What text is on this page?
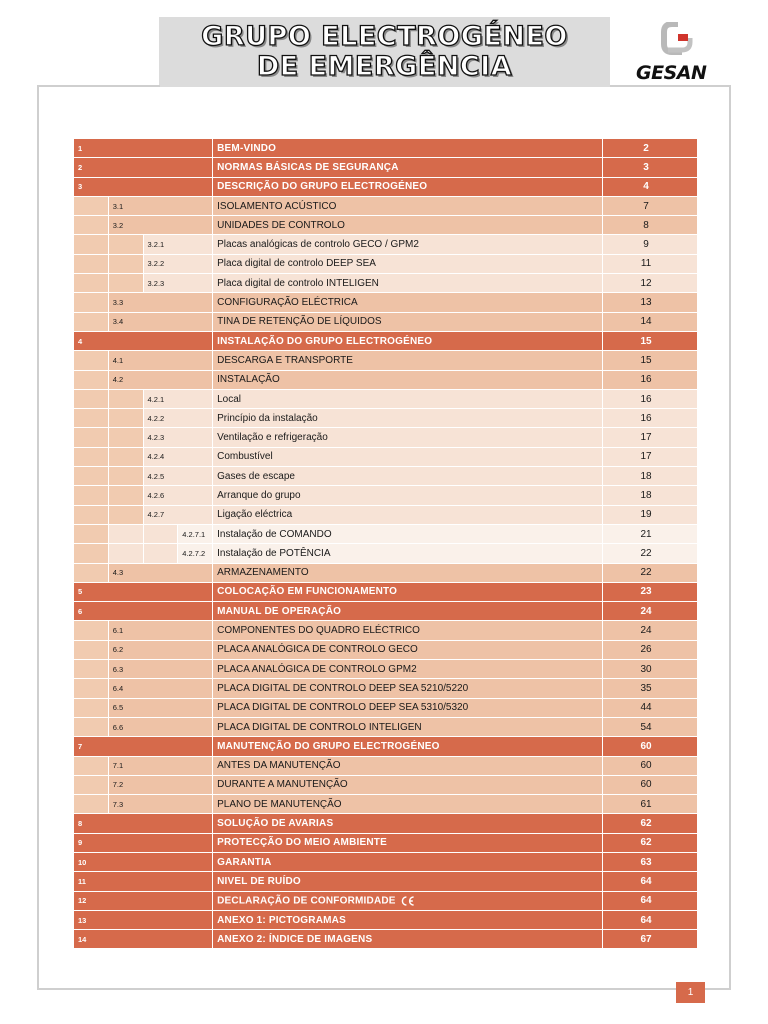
GRUPO ELECTROGÉNEO
DE EMERGÊNCIA	GESAN
1				BEM-VINDO	2
2				NORMAS BÁSICAS DE SEGURANÇA	3
3				DESCRIÇÃO DO GRUPO ELECTROGÉNEO	4
	3.1			ISOLAMENTO ACÚSTICO	7
	3.2			UNIDADES DE CONTROLO	8
		3.2.1		Placas analógicas de controlo GECO / GPM2	9
		3.2.2		Placa digital de controlo DEEP SEA	11
		3.2.3		Placa digital de controlo INTELIGEN	12
	3.3			CONFIGURAÇÃO ELÉCTRICA	13
	3.4			TINA DE RETENÇÃO DE LÍQUIDOS	14
4				INSTALAÇÃO DO GRUPO ELECTROGÉNEO	15
	4.1			DESCARGA E TRANSPORTE	15
	4.2			INSTALAÇÃO	16
		4.2.1		Local	16
		4.2.2		Princípio da instalação	16
		4.2.3		Ventilação e refrigeração	17
		4.2.4		Combustível	17
		4.2.5		Gases de escape	18
		4.2.6		Arranque do grupo	18
		4.2.7		Ligação eléctrica	19
			4.2.7.1	Instalação de COMANDO	21
			4.2.7.2	Instalação de POTÊNCIA	22
	4.3			ARMAZENAMENTO	22
5				COLOCAÇÃO EM FUNCIONAMENTO	23
6				MANUAL DE OPERAÇÃO	24
	6.1			COMPONENTES DO QUADRO ELÉCTRICO	24
	6.2			PLACA ANALÓGICA DE CONTROLO GECO	26
	6.3			PLACA ANALÓGICA DE CONTROLO GPM2	30
	6.4			PLACA DIGITAL DE CONTROLO DEEP SEA 5210/5220	35
	6.5			PLACA DIGITAL DE CONTROLO DEEP SEA 5310/5320	44
	6.6			PLACA DIGITAL DE CONTROLO INTELIGEN	54
7				MANUTENÇÃO DO GRUPO ELECTROGÉNEO	60
	7.1			ANTES DA MANUTENÇÃO	60
	7.2			DURANTE A MANUTENÇÃO	60
	7.3			PLANO DE MANUTENÇÃO	61
8				SOLUÇÃO DE AVARIAS	62
9				PROTECÇÃO DO MEIO AMBIENTE	62
10				GARANTIA	63
11				NIVEL DE RUÍDO	64
12				DECLARAÇÃO DE CONFORMIDADE	64
13				ANEXO 1: PICTOGRAMAS	64
14				ANEXO 2: ÍNDICE DE IMAGENS	67
1
